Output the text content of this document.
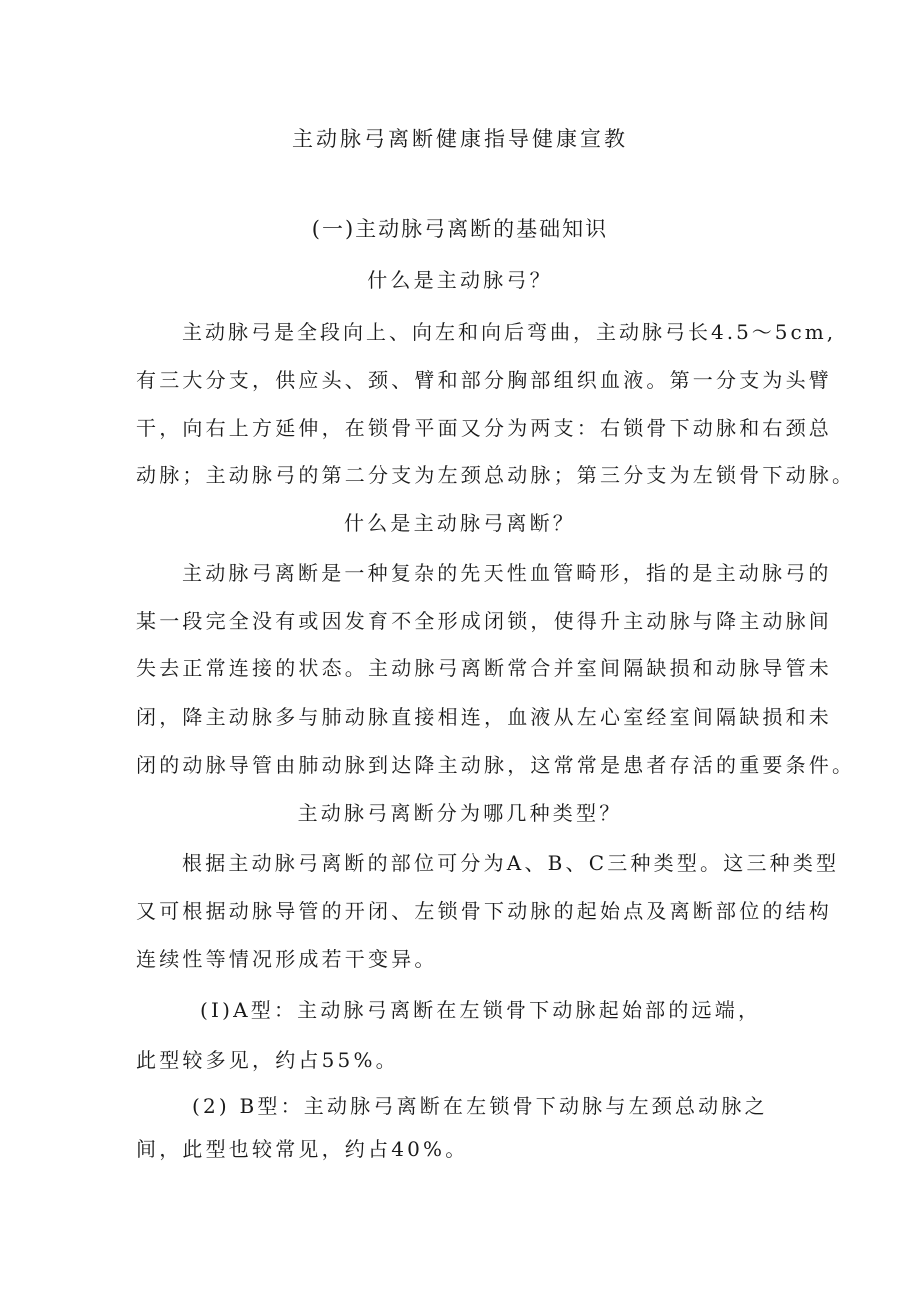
主动脉弓离断健康指导健康宣教

(一)主动脉弓离断的基础知识

什么是主动脉弓？

主动脉弓是全段向上、向左和向后弯曲，主动脉弓长4.5～5cm,

有三大分支，供应头、颈、臂和部分胸部组织血液。第一分支为头臂

干，向右上方延伸，在锁骨平面又分为两支：右锁骨下动脉和右颈总

动脉；主动脉弓的第二分支为左颈总动脉；第三分支为左锁骨下动脉。

什么是主动脉弓离断？

主动脉弓离断是一种复杂的先天性血管畸形，指的是主动脉弓的

某一段完全没有或因发育不全形成闭锁，使得升主动脉与降主动脉间

失去正常连接的状态。主动脉弓离断常合并室间隔缺损和动脉导管未

闭，降主动脉多与肺动脉直接相连，血液从左心室经室间隔缺损和未

闭的动脉导管由肺动脉到达降主动脉，这常常是患者存活的重要条件。

主动脉弓离断分为哪几种类型？

根据主动脉弓离断的部位可分为A、B、C三种类型。这三种类型

又可根据动脉导管的开闭、左锁骨下动脉的起始点及离断部位的结构

连续性等情况形成若干变异。

(I)A型：主动脉弓离断在左锁骨下动脉起始部的远端，

此型较多见，约占55%。

(2) B型：主动脉弓离断在左锁骨下动脉与左颈总动脉之

间，此型也较常见，约占40%。
